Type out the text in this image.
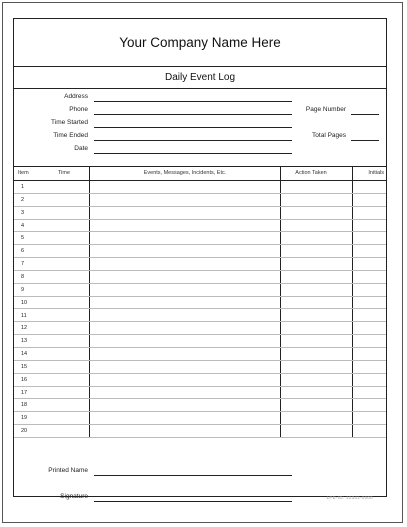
Your Company Name Here
Daily Event Log
Address
Phone
Time Started
Time Ended
Date
Page Number
Total Pages
Item	Time	Events, Messages, Incidents, Etc.	Action Taken	Initials
1
2
3
4
5
6
7
8
9
10
11
12
13
14
15
16
17
18
19
20
Printed Name
Signature	LPE-ID: 12341-0000
